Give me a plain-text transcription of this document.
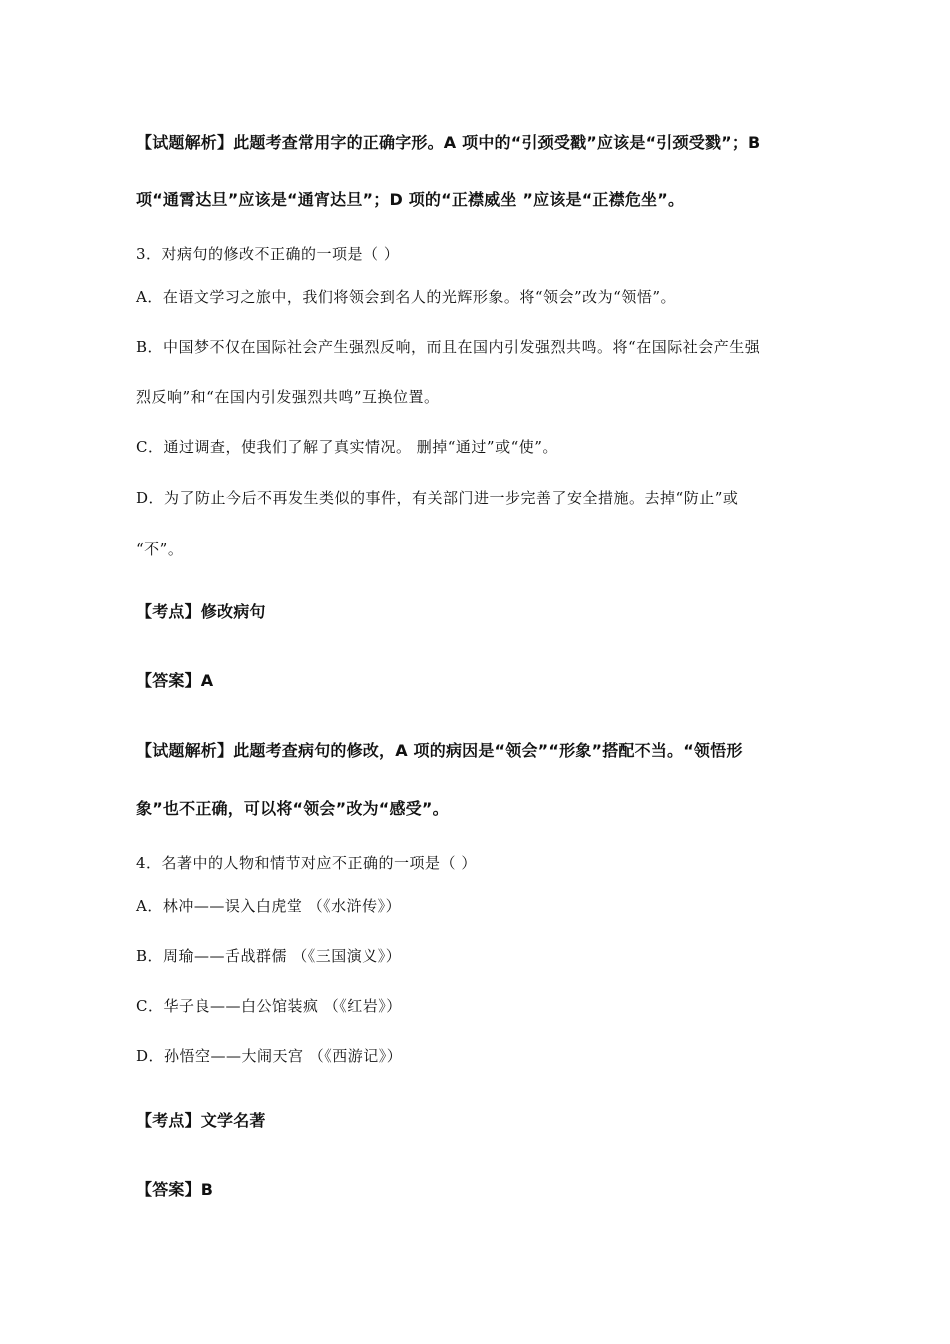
【试题解析】此题考查常用字的正确字形。A 项中的“引颈受戳”应该是“引颈受戮”；B
项“通霄达旦”应该是“通宵达旦”；D 项的“正襟威坐 ”应该是“正襟危坐”。
3．对病句的修改不正确的一项是（ ）
A．在语文学习之旅中，我们将领会到名人的光辉形象。将“领会”改为“领悟”。
B．中国梦不仅在国际社会产生强烈反响，而且在国内引发强烈共鸣。将“在国际社会产生强
烈反响”和“在国内引发强烈共鸣”互换位置。
C．通过调查，使我们了解了真实情况。 删掉“通过”或“使”。
D．为了防止今后不再发生类似的事件，有关部门进一步完善了安全措施。去掉“防止”或
“不”。
【考点】修改病句
【答案】A
【试题解析】此题考查病句的修改，A 项的病因是“领会”“形象”搭配不当。“领悟形
象”也不正确，可以将“领会”改为“感受”。
4．名著中的人物和情节对应不正确的一项是（ ）
A．林冲——误入白虎堂 （《水浒传》）
B．周瑜——舌战群儒 （《三国演义》）
C．华子良——白公馆装疯 （《红岩》）
D．孙悟空——大闹天宫 （《西游记》）
【考点】文学名著
【答案】B
